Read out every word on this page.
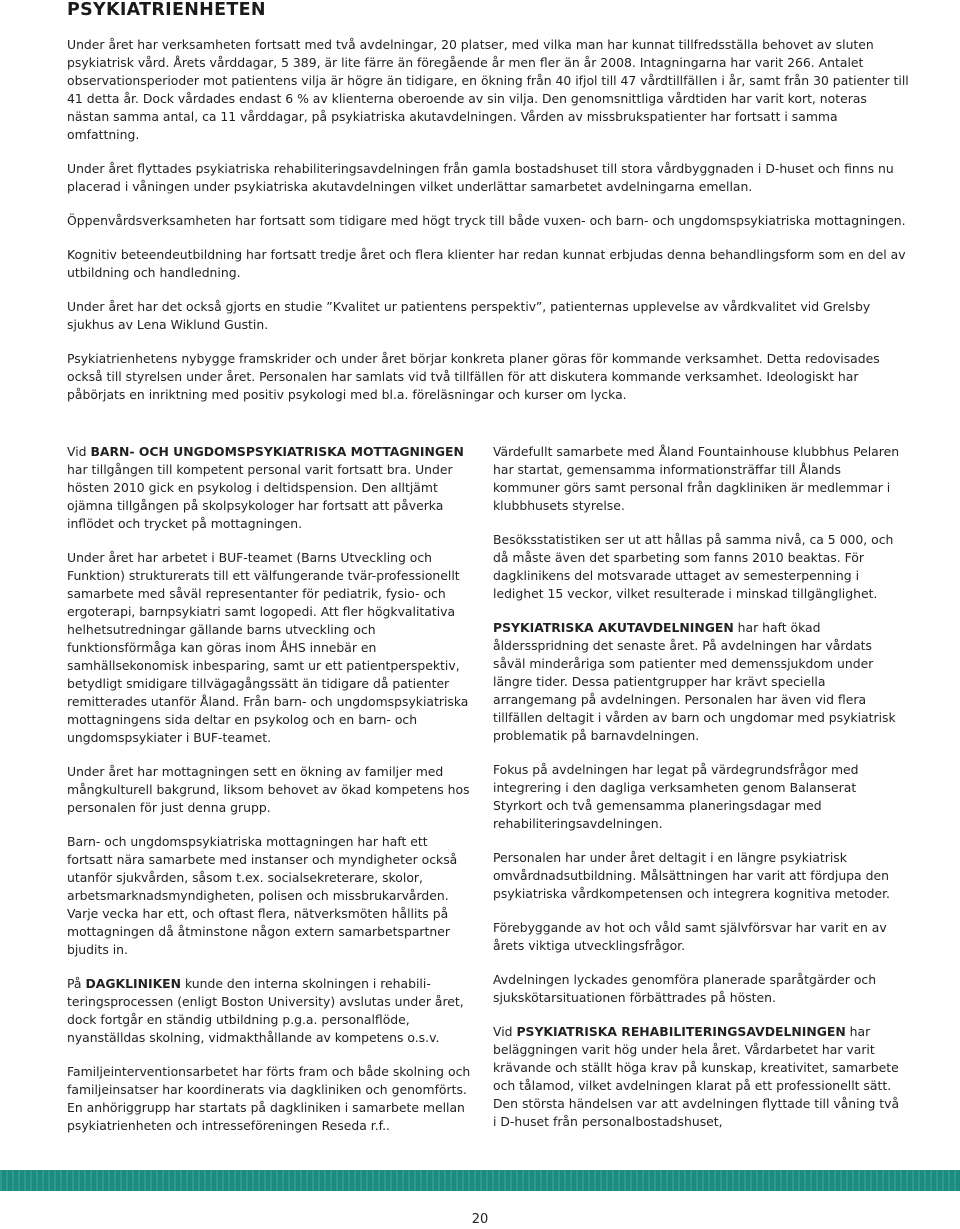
PSYKIATRIENHETEN

Under året har verksamheten fortsatt med två avdelningar, 20 platser, med vilka man har kunnat tillfredsställa behovet av sluten psykiatrisk vård. Årets vårddagar, 5 389, är lite färre än föregående år men fler än år 2008. Intagningarna har varit 266. Antalet observationsperioder mot patientens vilja är högre än tidigare, en ökning från 40 ifjol till 47 vårdtillfällen i år, samt från 30 patienter till 41 detta år. Dock vårdades endast 6 % av klienterna oberoende av sin vilja. Den genomsnittliga vårdtiden har varit kort, noteras nästan samma antal, ca 11 vårddagar, på psykiatriska akutavdelningen. Vården av missbrukspatienter har fortsatt i samma omfattning.

Under året flyttades psykiatriska rehabiliteringsavdelningen från gamla bostadshuset till stora vårdbyggnaden i D-huset och finns nu placerad i våningen under psykiatriska akutavdelningen vilket underlättar samarbetet avdelningarna emellan.

Öppenvårdsverksamheten har fortsatt som tidigare med högt tryck till både vuxen- och barn- och ungdomspsykiatriska mottagningen.

Kognitiv beteendeutbildning har fortsatt tredje året och flera klienter har redan kunnat erbjudas denna behandlingsform som en del av utbildning och handledning.

Under året har det också gjorts en studie ”Kvalitet ur patientens perspektiv”, patienternas upplevelse av vårdkvalitet vid Grelsby sjukhus av Lena Wiklund Gustin.

Psykiatrienhetens nybygge framskrider och under året börjar konkreta planer göras för kommande verksamhet. Detta redovisades också till styrelsen under året. Personalen har samlats vid två tillfällen för att diskutera kommande verksamhet. Ideologiskt har påbörjats en inriktning med positiv psykologi med bl.a. föreläsningar och kurser om lycka.

Vid BARN- OCH UNGDOMSPSYKIATRISKA MOTTAGNINGEN har tillgången till kompetent personal varit fortsatt bra. Under hösten 2010 gick en psykolog i deltidspension. Den alltjämt ojämna tillgången på skolpsykologer har fortsatt att påverka inflödet och trycket på mottagningen.

Under året har arbetet i BUF-teamet (Barns Utveckling och Funktion) strukturerats till ett välfungerande tvär-professionellt samarbete med såväl representanter för pediatrik, fysio- och ergoterapi, barnpsykiatri samt logopedi. Att fler högkvalitativa helhetsutredningar gällande barns utveckling och funktionsförmåga kan göras inom ÅHS innebär en samhällsekonomisk inbesparing, samt ur ett patientperspektiv, betydligt smidigare tillvägagångssätt än tidigare då patienter remitterades utanför Åland. Från barn- och ungdomspsykiatriska mottagningens sida deltar en psykolog och en barn- och ungdomspsykiater i BUF-teamet.

Under året har mottagningen sett en ökning av familjer med mångkulturell bakgrund, liksom behovet av ökad kompetens hos personalen för just denna grupp.

Barn- och ungdomspsykiatriska mottagningen har haft ett fortsatt nära samarbete med instanser och myndigheter också utanför sjukvården, såsom t.ex. socialsekreterare, skolor, arbetsmarknadsmyndigheten, polisen och missbrukarvården. Varje vecka har ett, och oftast flera, nätverksmöten hållits på mottagningen då åtminstone någon extern samarbetspartner bjudits in.

På DAGKLINIKEN kunde den interna skolningen i rehabili-teringsprocessen (enligt Boston University) avslutas under året, dock fortgår en ständig utbildning p.g.a. personalflöde, nyanställdas skolning, vidmakthållande av kompetens o.s.v.

Familjeinterventionsarbetet har förts fram och både skolning och familjeinsatser har koordinerats via dagkliniken och genomförts. En anhöriggrupp har startats på dagkliniken i samarbete mellan psykiatrienheten och intresseföreningen Reseda r.f..

Värdefullt samarbete med Åland Fountainhouse klubbhus Pelaren har startat, gemensamma informationsträffar till Ålands kommuner görs samt personal från dagkliniken är medlemmar i klubbhusets styrelse.

Besöksstatistiken ser ut att hållas på samma nivå, ca 5 000, och då måste även det sparbeting som fanns 2010 beaktas. För dagklinikens del motsvarade uttaget av semesterpenning i ledighet 15 veckor, vilket resulterade i minskad tillgänglighet.

PSYKIATRISKA AKUTAVDELNINGEN har haft ökad åldersspridning det senaste året. På avdelningen har vårdats såväl minderåriga som patienter med demenssjukdom under längre tider. Dessa patientgrupper har krävt speciella arrangemang på avdelningen. Personalen har även vid flera tillfällen deltagit i vården av barn och ungdomar med psykiatrisk problematik på barnavdelningen.

Fokus på avdelningen har legat på värdegrundsfrågor med integrering i den dagliga verksamheten genom Balanserat Styrkort och två gemensamma planeringsdagar med rehabiliteringsavdelningen.

Personalen har under året deltagit i en längre psykiatrisk omvårdnadsutbildning. Målsättningen har varit att fördjupa den psykiatriska vårdkompetensen och integrera kognitiva metoder.

Förebyggande av hot och våld samt självförsvar har varit en av årets viktiga utvecklingsfrågor.

Avdelningen lyckades genomföra planerade sparåtgärder och sjukskötarsituationen förbättrades på hösten.

Vid PSYKIATRISKA REHABILITERINGSAVDELNINGEN har beläggningen varit hög under hela året. Vårdarbetet har varit krävande och ställt höga krav på kunskap, kreativitet, samarbete och tålamod, vilket avdelningen klarat på ett professionellt sätt. Den största händelsen var att avdelningen flyttade till våning två i D-huset från personalbostadshuset,

20
